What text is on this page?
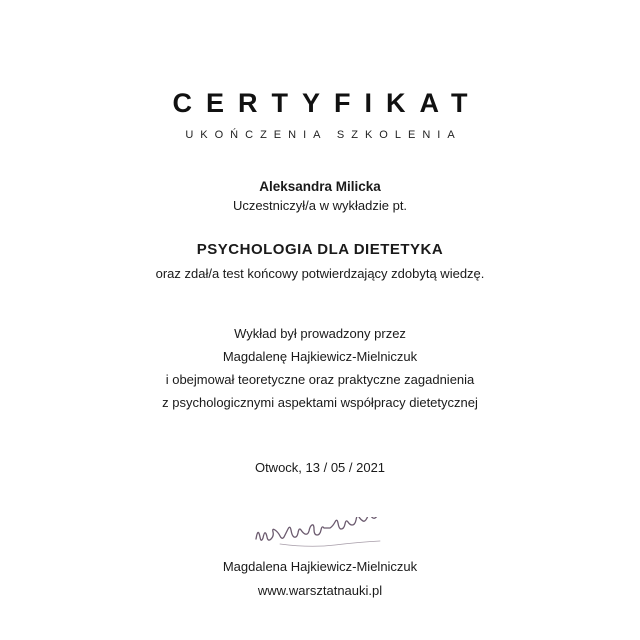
CERTYFIKAT
UKOŃCZENIA SZKOLENIA

Aleksandra Milicka

Uczestniczył/a w wykładzie pt.

PSYCHOLOGIA DLA DIETETYKA

oraz zdał/a test końcowy potwierdzający zdobytą wiedzę.

Wykład był prowadzony przez

Magdalenę Hajkiewicz-Mielniczuk

i obejmował teoretyczne oraz praktyczne zagadnienia

z psychologicznymi aspektami współpracy dietetycznej

Otwock, 13 / 05 / 2021

Magdalena Hajkiewicz-Mielniczuk

www.warsztatnauki.pl
